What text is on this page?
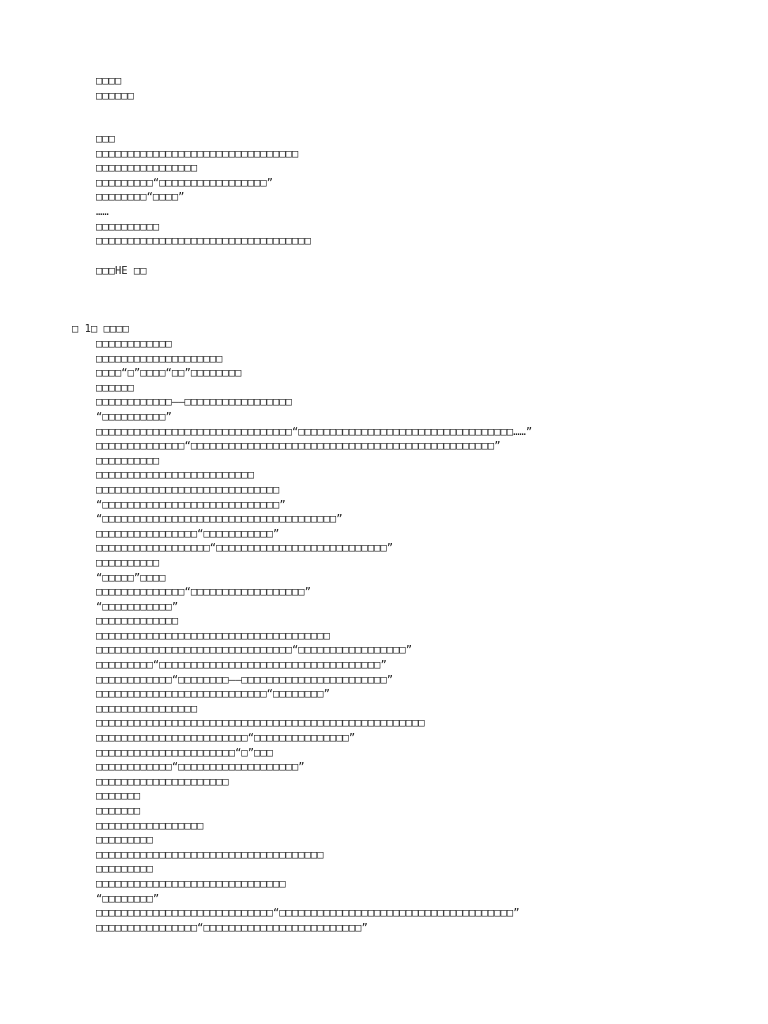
□□□□
□□□□□□
□□□
□□□□□□□□□□□□□□□□□□□□□□□□□□□□□□□□
□□□□□□□□□□□□□□□□
□□□□□□□□□“□□□□□□□□□□□□□□□□□”
□□□□□□□□“□□□□”
……
□□□□□□□□□□
□□□□□□□□□□□□□□□□□□□□□□□□□□□□□□□□□□
□□□HE □□
□ 1□ □□□□
□□□□□□□□□□□□
□□□□□□□□□□□□□□□□□□□□
□□□□“□”□□□□“□□”□□□□□□□□
□□□□□□
□□□□□□□□□□□□——□□□□□□□□□□□□□□□□□
“□□□□□□□□□□”
□□□□□□□□□□□□□□□□□□□□□□□□□□□□□□□“□□□□□□□□□□□□□□□□□□□□□□□□□□□□□□□□□□……”
□□□□□□□□□□□□□□“□□□□□□□□□□□□□□□□□□□□□□□□□□□□□□□□□□□□□□□□□□□□□□□□”
□□□□□□□□□□
□□□□□□□□□□□□□□□□□□□□□□□□□
□□□□□□□□□□□□□□□□□□□□□□□□□□□□□
“□□□□□□□□□□□□□□□□□□□□□□□□□□□□”
“□□□□□□□□□□□□□□□□□□□□□□□□□□□□□□□□□□□□□”
□□□□□□□□□□□□□□□□“□□□□□□□□□□□”
□□□□□□□□□□□□□□□□□□“□□□□□□□□□□□□□□□□□□□□□□□□□□□”
□□□□□□□□□□
“□□□□□”□□□□
□□□□□□□□□□□□□□“□□□□□□□□□□□□□□□□□□”
“□□□□□□□□□□□”
□□□□□□□□□□□□□
□□□□□□□□□□□□□□□□□□□□□□□□□□□□□□□□□□□□□
□□□□□□□□□□□□□□□□□□□□□□□□□□□□□□□“□□□□□□□□□□□□□□□□□”
□□□□□□□□□“□□□□□□□□□□□□□□□□□□□□□□□□□□□□□□□□□□□”
□□□□□□□□□□□□“□□□□□□□□——□□□□□□□□□□□□□□□□□□□□□□□”
□□□□□□□□□□□□□□□□□□□□□□□□□□□“□□□□□□□□”
□□□□□□□□□□□□□□□□
□□□□□□□□□□□□□□□□□□□□□□□□□□□□□□□□□□□□□□□□□□□□□□□□□□□□
□□□□□□□□□□□□□□□□□□□□□□□□“□□□□□□□□□□□□□□□”
□□□□□□□□□□□□□□□□□□□□□□“□”□□□
□□□□□□□□□□□□“□□□□□□□□□□□□□□□□□□□”
□□□□□□□□□□□□□□□□□□□□□
□□□□□□□
□□□□□□□
□□□□□□□□□□□□□□□□□
□□□□□□□□□
□□□□□□□□□□□□□□□□□□□□□□□□□□□□□□□□□□□□
□□□□□□□□□
□□□□□□□□□□□□□□□□□□□□□□□□□□□□□□
“□□□□□□□□”
□□□□□□□□□□□□□□□□□□□□□□□□□□□□“□□□□□□□□□□□□□□□□□□□□□□□□□□□□□□□□□□□□□”
□□□□□□□□□□□□□□□□“□□□□□□□□□□□□□□□□□□□□□□□□□”
